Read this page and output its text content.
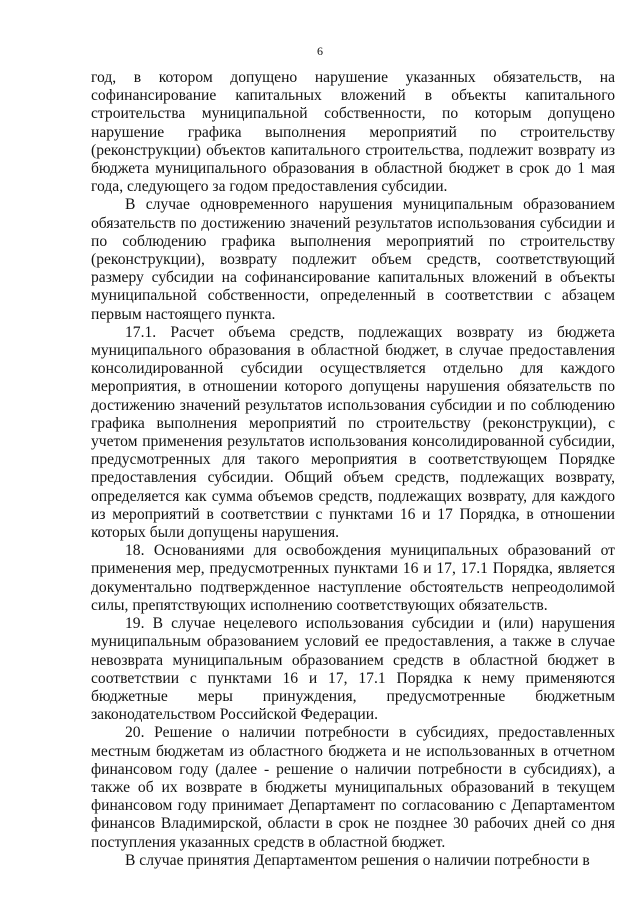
6

год, в котором допущено нарушение указанных обязательств, на софинансирование капитальных вложений в объекты капитального строительства муниципальной собственности, по которым допущено нарушение графика выполнения мероприятий по строительству (реконструкции) объектов капитального строительства, подлежит возврату из бюджета муниципального образования в областной бюджет в срок до 1 мая года, следующего за годом предоставления субсидии.

В случае одновременного нарушения муниципальным образованием обязательств по достижению значений результатов использования субсидии и по соблюдению графика выполнения мероприятий по строительству (реконструкции), возврату подлежит объем средств, соответствующий размеру субсидии на софинансирование капитальных вложений в объекты муниципальной собственности, определенный в соответствии с абзацем первым настоящего пункта.

17.1. Расчет объема средств, подлежащих возврату из бюджета муниципального образования в областной бюджет, в случае предоставления консолидированной субсидии осуществляется отдельно для каждого мероприятия, в отношении которого допущены нарушения обязательств по достижению значений результатов использования субсидии и по соблюдению графика выполнения мероприятий по строительству (реконструкции), с учетом применения результатов использования консолидированной субсидии, предусмотренных для такого мероприятия в соответствующем Порядке предоставления субсидии. Общий объем средств, подлежащих возврату, определяется как сумма объемов средств, подлежащих возврату, для каждого из мероприятий в соответствии с пунктами 16 и 17 Порядка, в отношении которых были допущены нарушения.

18. Основаниями для освобождения муниципальных образований от применения мер, предусмотренных пунктами 16 и 17, 17.1 Порядка, является документально подтвержденное наступление обстоятельств непреодолимой силы, препятствующих исполнению соответствующих обязательств.

19. В случае нецелевого использования субсидии и (или) нарушения муниципальным образованием условий ее предоставления, а также в случае невозврата муниципальным образованием средств в областной бюджет в соответствии с пунктами 16 и 17, 17.1 Порядка к нему применяются бюджетные меры принуждения, предусмотренные бюджетным законодательством Российской Федерации.

20. Решение о наличии потребности в субсидиях, предоставленных местным бюджетам из областного бюджета и не использованных в отчетном финансовом году (далее - решение о наличии потребности в субсидиях), а также об их возврате в бюджеты муниципальных образований в текущем финансовом году принимает Департамент по согласованию с Департаментом финансов Владимирской, области в срок не позднее 30 рабочих дней со дня поступления указанных средств в областной бюджет.

В случае принятия Департаментом решения о наличии потребности в
